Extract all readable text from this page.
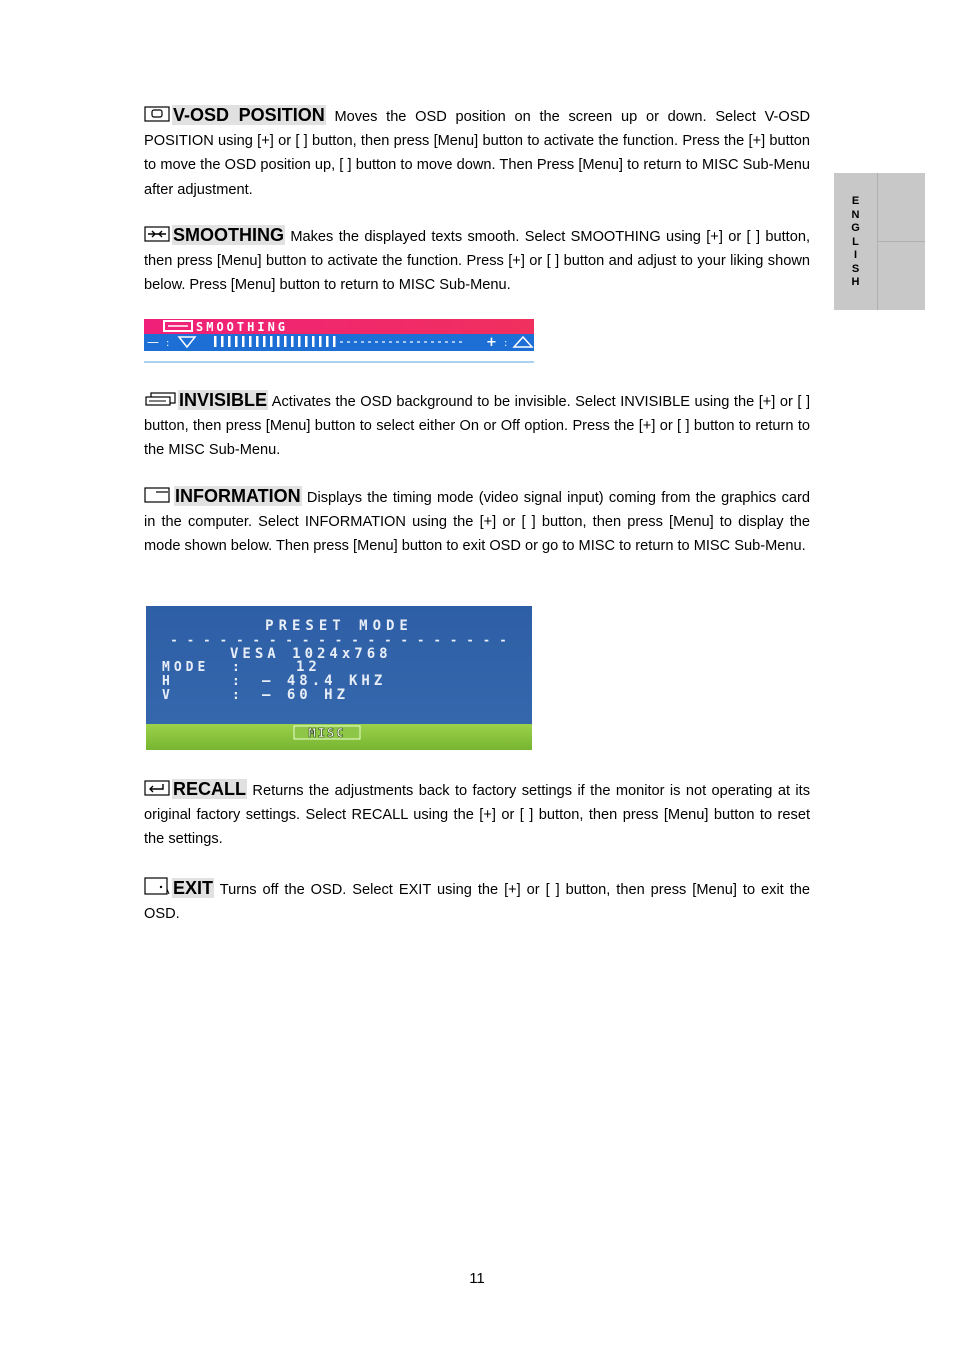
E
N
G
L
I
S
H
V-OSD POSITION Moves the OSD position on the screen up or down. Select V-OSD POSITION using [+] or [ ] button, then press [Menu] button to activate the function. Press the [+] button to move the OSD position up, [ ] button to move down. Then Press [Menu] to return to MISC Sub-Menu after adjustment.
SMOOTHING Makes the displayed texts smooth. Select SMOOTHING using [+] or [ ] button, then press [Menu] button to activate the function. Press [+] or [ ] button and adjust to your liking shown below. Press [Menu] button to return to MISC Sub-Menu.
SMOOTHING
— :	+ :
INVISIBLE Activates the OSD background to be invisible. Select INVISIBLE using the [+] or [ ] button, then press [Menu] button to select either On or Off option. Press the [+] or [ ] button to return to the MISC Sub-Menu.
INFORMATION Displays the timing mode (video signal input) coming from the graphics card in the computer. Select INFORMATION using the [+] or [ ] button, then press [Menu] to display the mode shown below. Then press [Menu] button to exit OSD or go to MISC to return to MISC Sub-Menu.
PRESET MODE
- - - - - - - - - - - - - - - - - - - - -
VESA 1024x768
MODE :	12
H	: — 48.4 KHZ
V	: — 60 HZ
MISC
RECALL Returns the adjustments back to factory settings if the monitor is not operating at its original factory settings. Select RECALL using the [+] or [ ] button, then press [Menu] button to reset the settings.
EXIT Turns off the OSD. Select EXIT using the [+] or [ ] button, then press [Menu] to exit the OSD.
11
